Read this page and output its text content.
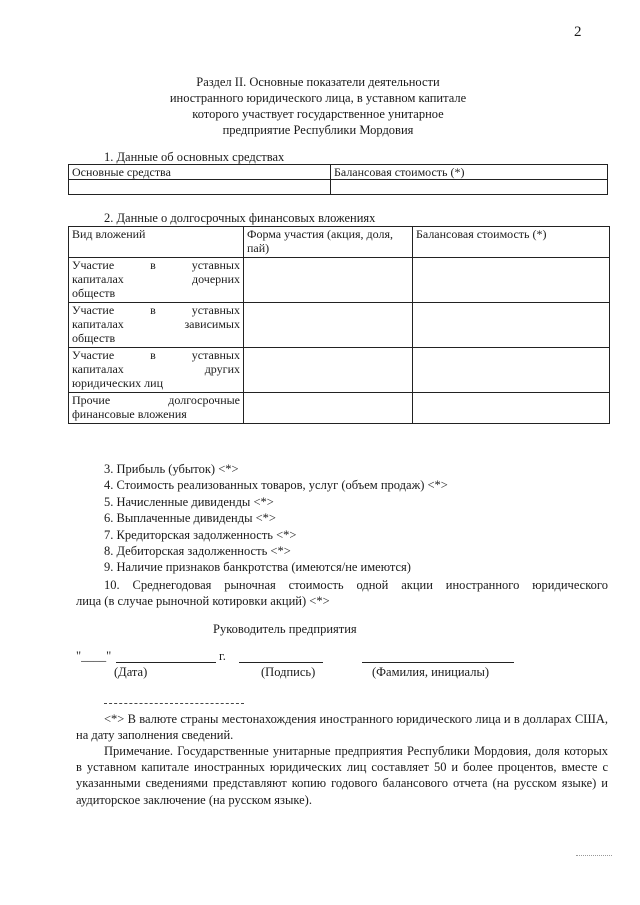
2
Раздел II. Основные показатели деятельности
иностранного юридического лица, в уставном капитале
которого участвует государственное унитарное
предприятие Республики Мордовия
1. Данные об основных средствах
Основные средства	Балансовая стоимость (*)

2. Данные о долгосрочных финансовых вложениях
Вид вложений	Форма участия (акция, доля, пай)	Балансовая стоимость (*)

Участие в уставных
капиталах дочерних
обществ		

Участие в уставных
капиталах зависимых
обществ		

Участие в уставных
капиталах других
юридических лиц		

Прочие долгосрочные
финансовые вложения		

3. Прибыль (убыток) <*>
4. Стоимость реализованных товаров, услуг (объем продаж) <*>
5. Начисленные дивиденды <*>
6. Выплаченные дивиденды <*>
7. Кредиторская задолженность <*>
8. Дебиторская задолженность <*>
9. Наличие признаков банкротства (имеются/не имеются)
10. Среднегодовая рыночная стоимость одной акции иностранного юридического
лица (в случае рыночной котировки акций) <*>
Руководитель предприятия
"____"	г.
(Дата)	(Подпись)	(Фамилия, инициалы)

<*> В валюте страны местонахождения иностранного юридического лица и в долларах США, на дату заполнения сведений.

Примечание. Государственные унитарные предприятия Республики Мордовия, доля которых в уставном капитале иностранных юридических лиц составляет 50 и более процентов, вместе с указанными сведениями представляют копию годового балансового отчета (на русском языке) и аудиторское заключение (на русском языке).
